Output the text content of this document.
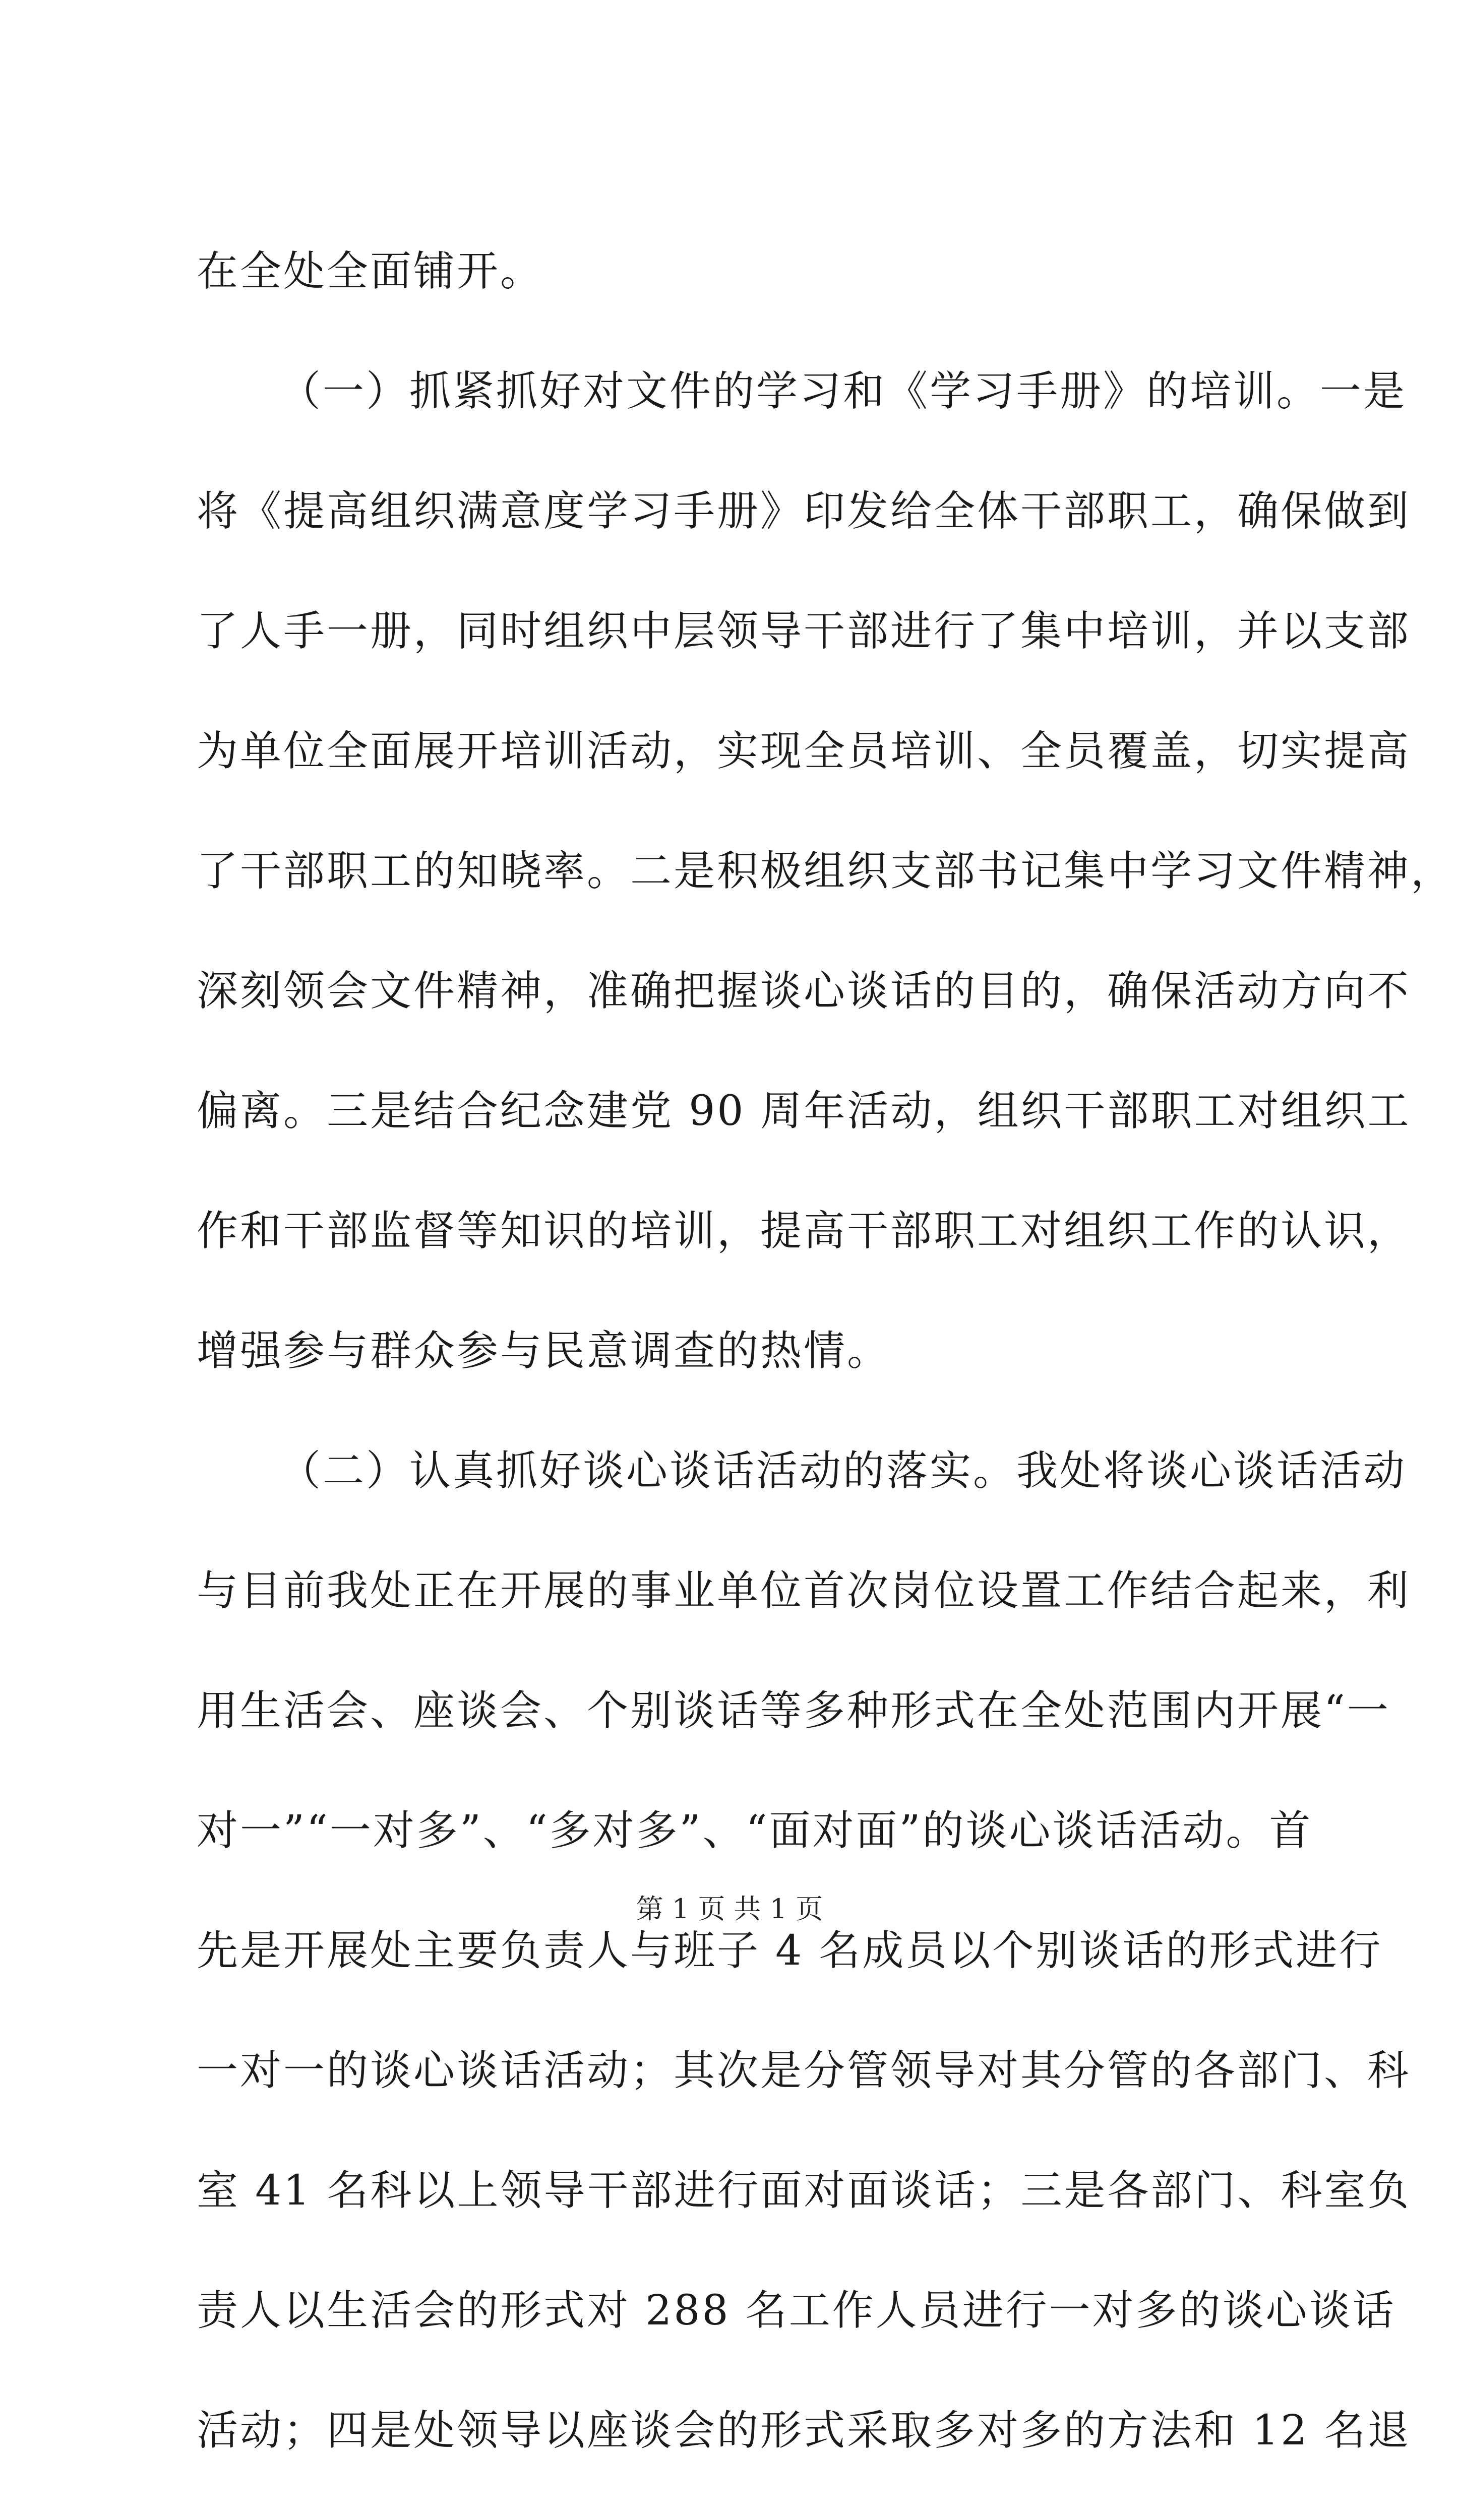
在全处全面铺开。
（一）抓紧抓好对文件的学习和《学习手册》的培训。一是
将《提高组织满意度学习手册》印发给全体干部职工，确保做到
了人手一册，同时组织中层领导干部进行了集中培训，并以支部
为单位全面展开培训活动，实现全员培训、全员覆盖，切实提高
了干部职工的知晓率。二是积极组织支部书记集中学习文件精神，
深刻领会文件精神，准确把握谈心谈话的目的，确保活动方向不
偏离。三是结合纪念建党 90 周年活动，组织干部职工对组织工
作和干部监督等知识的培训，提高干部职工对组织工作的认识，
增强参与群众参与民意调查的热情。
（二）认真抓好谈心谈话活动的落实。我处将谈心谈话活动
与目前我处正在开展的事业单位首次岗位设置工作结合起来，利
用生活会、座谈会、个别谈话等多种形式在全处范围内开展“一
对一”“一对多”、“多对多”、“面对面”的谈心谈话活动。首
先是开展处主要负责人与班子 4 名成员以个别谈话的形式进行
一对一的谈心谈话活动；其次是分管领导对其分管的各部门、科
室 41 名科以上领导干部进行面对面谈话；三是各部门、科室负
责人以生活会的形式对 288 名工作人员进行一对多的谈心谈话
活动；四是处领导以座谈会的形式采取多对多的方法和 12 名退
第 1 页 共 1 页
